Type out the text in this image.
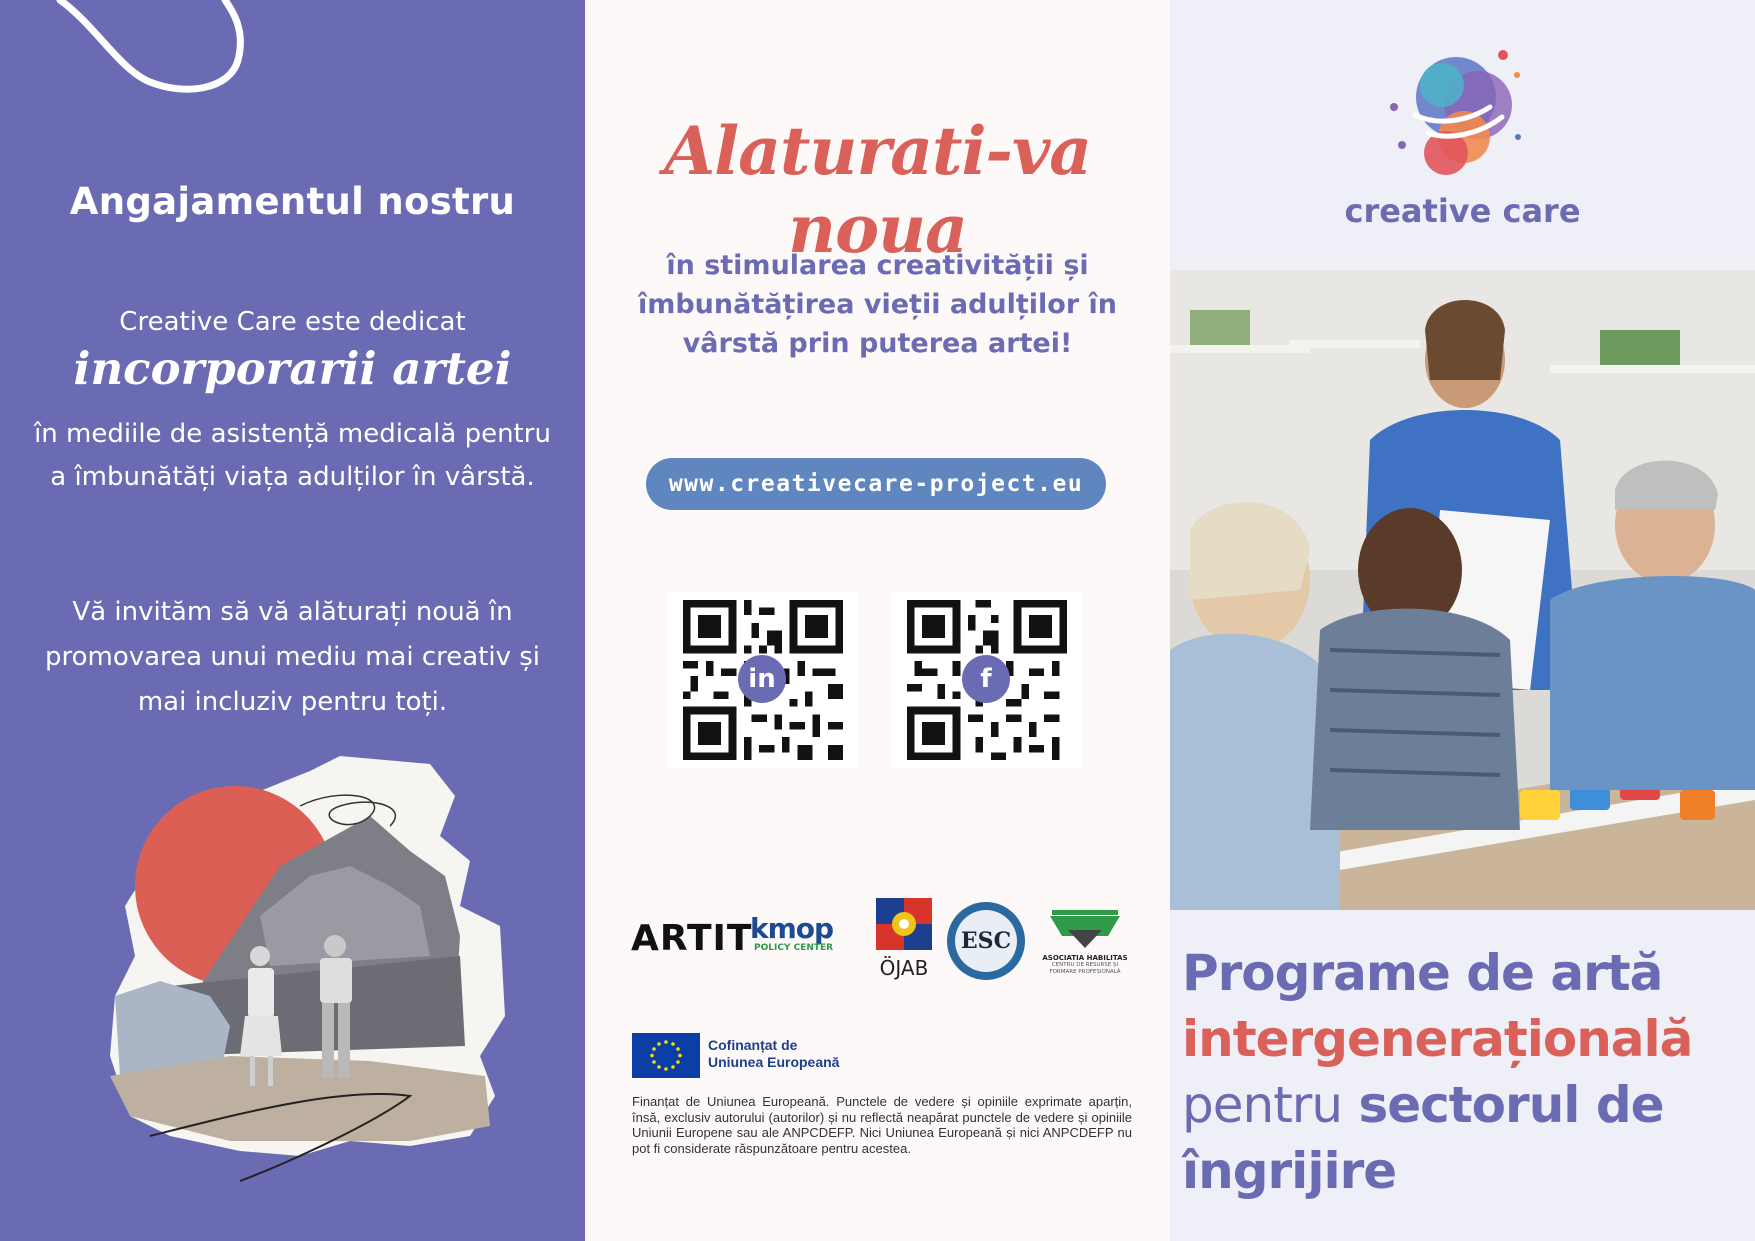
Angajamentul nostru

Creative Care este dedicat

incorporarii artei

în mediile de asistență medicală pentru a îmbunătăți viața adulților în vârstă.

Vă invităm să vă alăturați nouă în promovarea unui mediu mai creativ și mai incluziv pentru toți.

Alaturati-va noua

în stimularea creativității și îmbunătățirea vieții adulților în vârstă prin puterea artei!

www.creativecare-project.eu
in	f
ARTIT
kmop
POLICY CENTER
ÖJAB
ESC
ASOCIATIA HABILITAS
CENTRU DE RESURSE ȘI FORMARE PROFESIONALĂ
Cofinanțat de
Uniunea Europeană

Finanțat de Uniunea Europeană. Punctele de vedere și opiniile exprimate aparțin, însă, exclusiv autorului (autorilor) și nu reflectă neapărat punctele de vedere și opiniile Uniunii Europene sau ale ANPCDEFP. Nici Uniunea Europeană și nici ANPCDEFP nu pot fi considerate răspunzătoare pentru acestea.

creative care
Programe de artă
intergenerațională
pentru sectorul de
îngrijire
